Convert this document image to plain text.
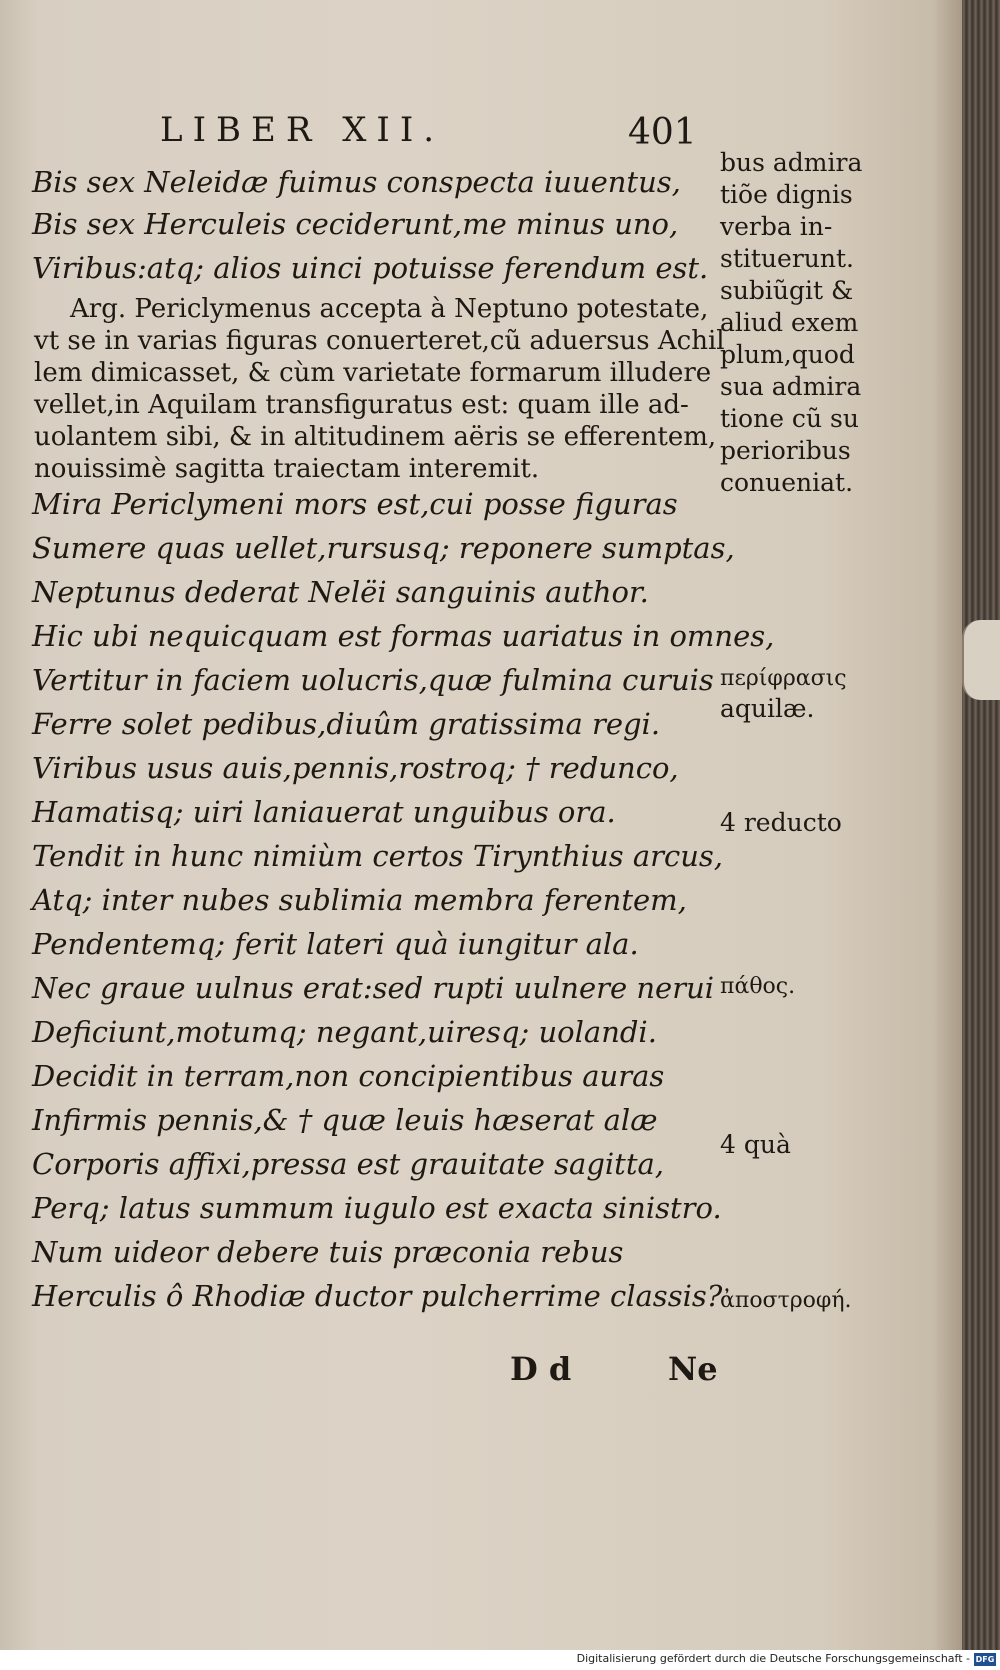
LIBER XII.	401
Bis sex Neleidæ fuimus conspecta iuuentus,
Bis sex Herculeis ceciderunt,me minus uno,
Viribus:atq; alios uinci potuisse ferendum est.
Arg. Periclymenus accepta à Neptuno potestate,
vt se in varias figuras conuerteret,cũ aduersus Achil
lem dimicasset, & cùm varietate formarum illudere
vellet,in Aquilam transfiguratus est: quam ille ad-
uolantem sibi, & in altitudinem aëris se efferentem,
nouissimè sagitta traiectam interemit.
Mira Periclymeni mors est,cui posse figuras
Sumere quas uellet,rursusq; reponere sumptas,
Neptunus dederat Nelëi sanguinis author.
Hic ubi nequicquam est formas uariatus in omnes,
Vertitur in faciem uolucris,quæ fulmina curuis
Ferre solet pedibus,diuûm gratissima regi.
Viribus usus auis,pennis,rostroq; † redunco,
Hamatisq; uiri laniauerat unguibus ora.
Tendit in hunc nimiùm certos Tirynthius arcus,
Atq; inter nubes sublimia membra ferentem,
Pendentemq; ferit lateri quà iungitur ala.
Nec graue uulnus erat:sed rupti uulnere nerui
Deficiunt,motumq; negant,uiresq; uolandi.
Decidit in terram,non concipientibus auras
Infirmis pennis,& † quæ leuis hæserat alæ
Corporis affixi,pressa est grauitate sagitta,
Perq; latus summum iugulo est exacta sinistro.
Num uideor debere tuis præconia rebus
Herculis ô Rhodiæ ductor pulcherrime classis?
bus admira
tiõe dignis
verba in-
stituerunt.
subiũgit &
aliud exem
plum,quod
sua admira
tione cũ su
perioribus
conueniat.
περίφρασις
aquilæ.
4 reducto
πάθος.
4 quà
ἀποστροφή.
D d	Ne
Digitalisierung gefördert durch die Deutsche Forschungsgemeinschaft - DFG
